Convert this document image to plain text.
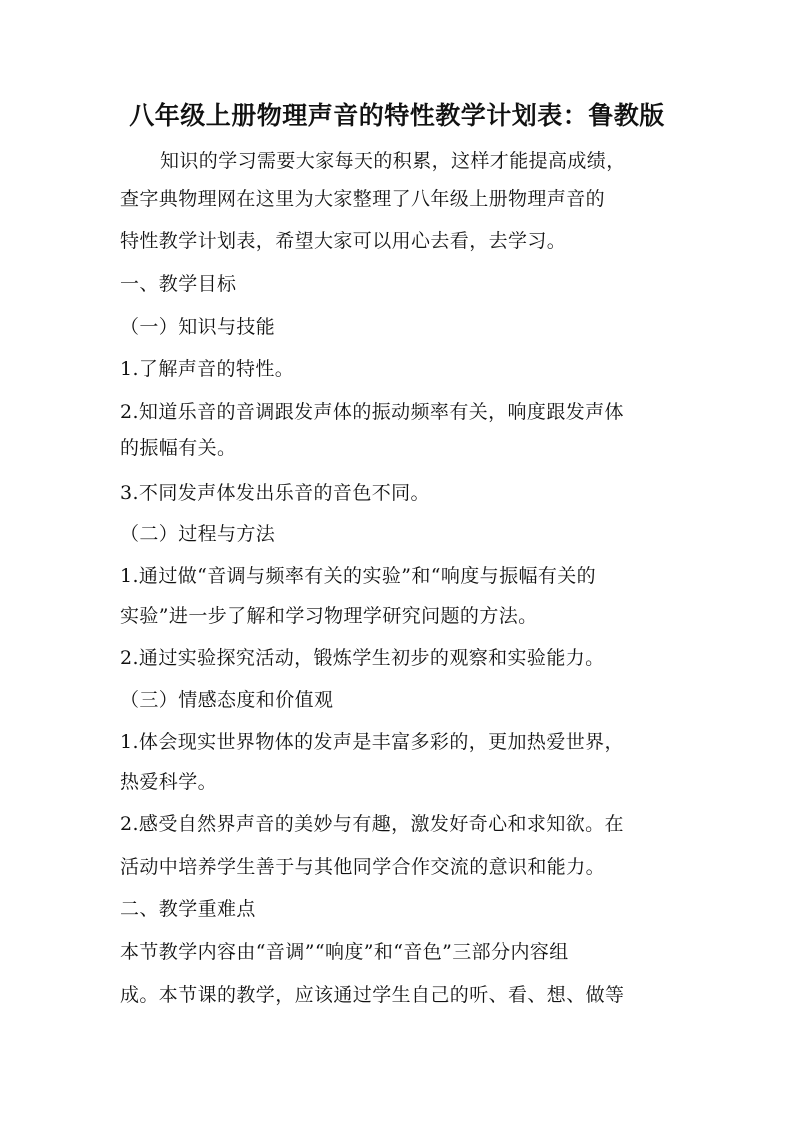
八年级上册物理声音的特性教学计划表：鲁教版
知识的学习需要大家每天的积累，这样才能提高成绩，
查字典物理网在这里为大家整理了八年级上册物理声音的
特性教学计划表，希望大家可以用心去看，去学习。
一、教学目标
（一）知识与技能
1.了解声音的特性。
2.知道乐音的音调跟发声体的振动频率有关，响度跟发声体
的振幅有关。
3.不同发声体发出乐音的音色不同。
（二）过程与方法
1.通过做“音调与频率有关的实验”和“响度与振幅有关的
实验”进一步了解和学习物理学研究问题的方法。
2.通过实验探究活动，锻炼学生初步的观察和实验能力。
（三）情感态度和价值观
1.体会现实世界物体的发声是丰富多彩的，更加热爱世界，
热爱科学。
2.感受自然界声音的美妙与有趣，激发好奇心和求知欲。在
活动中培养学生善于与其他同学合作交流的意识和能力。
二、教学重难点
本节教学内容由“音调”“响度”和“音色”三部分内容组
成。本节课的教学，应该通过学生自己的听、看、想、做等
